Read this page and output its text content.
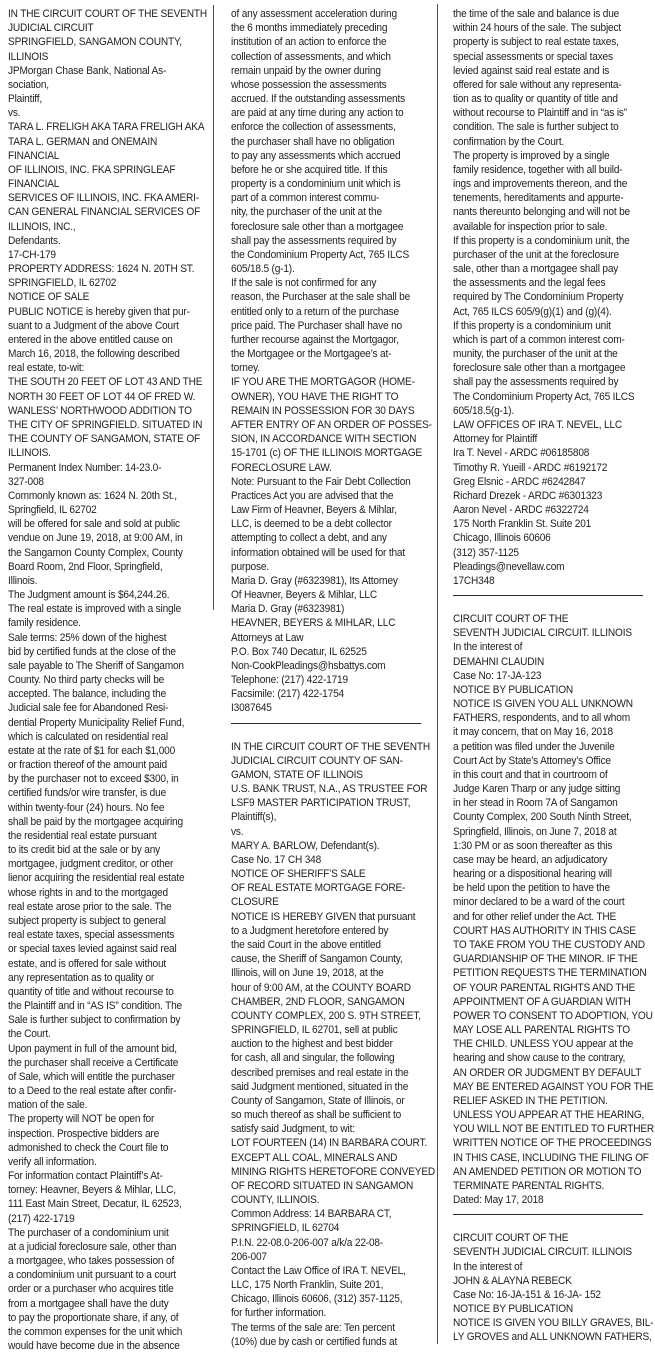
IN THE CIRCUIT COURT OF THE SEVENTH
JUDICIAL CIRCUIT
SPRINGFIELD, SANGAMON COUNTY,
ILLINOIS
JPMorgan Chase Bank, National As-
sociation,
Plaintiff,
vs.
TARA L. FRELIGH AKA TARA FRELIGH AKA
TARA L. GERMAN and ONEMAIN
FINANCIAL
OF ILLINOIS, INC. FKA SPRINGLEAF
FINANCIAL
SERVICES OF ILLINOIS, INC. FKA AMERI-
CAN GENERAL FINANCIAL SERVICES OF
ILLINOIS, INC.,
Defendants.
17-CH-179
PROPERTY ADDRESS: 1624 N. 20TH ST.
SPRINGFIELD, IL 62702
NOTICE OF SALE
PUBLIC NOTICE is hereby given that pur-
suant to a Judgment of the above Court
entered in the above entitled cause on
March 16, 2018, the following described
real estate, to-wit:
THE SOUTH 20 FEET OF LOT 43 AND THE
NORTH 30 FEET OF LOT 44 OF FRED W.
WANLESS’ NORTHWOOD ADDITION TO
THE CITY OF SPRINGFIELD. SITUATED IN
THE COUNTY OF SANGAMON, STATE OF
ILLINOIS.
Permanent Index Number: 14-23.0-
327-008
Commonly known as: 1624 N. 20th St.,
Springfield, IL 62702
will be offered for sale and sold at public
vendue on June 19, 2018, at 9:00 AM, in
the Sangamon County Complex, County
Board Room, 2nd Floor, Springfield,
Illinois.
The Judgment amount is $64,244.26.
The real estate is improved with a single
family residence.
Sale terms: 25% down of the highest
bid by certified funds at the close of the
sale payable to The Sheriff of Sangamon
County. No third party checks will be
accepted. The balance, including the
Judicial sale fee for Abandoned Resi-
dential Property Municipality Relief Fund,
which is calculated on residential real
estate at the rate of $1 for each $1,000
or fraction thereof of the amount paid
by the purchaser not to exceed $300, in
certified funds/or wire transfer, is due
within twenty-four (24) hours. No fee
shall be paid by the mortgagee acquiring
the residential real estate pursuant
to its credit bid at the sale or by any
mortgagee, judgment creditor, or other
lienor acquiring the residential real estate
whose rights in and to the mortgaged
real estate arose prior to the sale. The
subject property is subject to general
real estate taxes, special assessments
or special taxes levied against said real
estate, and is offered for sale without
any representation as to quality or
quantity of title and without recourse to
the Plaintiff and in “AS IS” condition. The
Sale is further subject to confirmation by
the Court.
Upon payment in full of the amount bid,
the purchaser shall receive a Certificate
of Sale, which will entitle the purchaser
to a Deed to the real estate after confir-
mation of the sale.
The property will NOT be open for
inspection. Prospective bidders are
admonished to check the Court file to
verify all information.
For information contact Plaintiff’s At-
torney: Heavner, Beyers & Mihlar, LLC,
111 East Main Street, Decatur, IL 62523,
(217) 422-1719
The purchaser of a condominium unit
at a judicial foreclosure sale, other than
a mortgagee, who takes possession of
a condominium unit pursuant to a court
order or a purchaser who acquires title
from a mortgagee shall have the duty
to pay the proportionate share, if any, of
the common expenses for the unit which
would have become due in the absence
of any assessment acceleration during
the 6 months immediately preceding
institution of an action to enforce the
collection of assessments, and which
remain unpaid by the owner during
whose possession the assessments
accrued. If the outstanding assessments
are paid at any time during any action to
enforce the collection of assessments,
the purchaser shall have no obligation
to pay any assessments which accrued
before he or she acquired title. If this
property is a condominium unit which is
part of a common interest commu-
nity, the purchaser of the unit at the
foreclosure sale other than a mortgagee
shall pay the assessments required by
the Condominium Property Act, 765 ILCS
605/18.5 (g-1).
If the sale is not confirmed for any
reason, the Purchaser at the sale shall be
entitled only to a return of the purchase
price paid. The Purchaser shall have no
further recourse against the Mortgagor,
the Mortgagee or the Mortgagee’s at-
torney.
IF YOU ARE THE MORTGAGOR (HOME-
OWNER), YOU HAVE THE RIGHT TO
REMAIN IN POSSESSION FOR 30 DAYS
AFTER ENTRY OF AN ORDER OF POSSES-
SION, IN ACCORDANCE WITH SECTION
15-1701 (c) OF THE ILLINOIS MORTGAGE
FORECLOSURE LAW.
Note: Pursuant to the Fair Debt Collection
Practices Act you are advised that the
Law Firm of Heavner, Beyers & Mihlar,
LLC, is deemed to be a debt collector
attempting to collect a debt, and any
information obtained will be used for that
purpose.
Maria D. Gray (#6323981), Its Attorney
Of Heavner, Beyers & Mihlar, LLC
Maria D. Gray (#6323981)
HEAVNER, BEYERS & MIHLAR, LLC
Attorneys at Law
P.O. Box 740 Decatur, IL 62525
Non-CookPleadings@hsbattys.com
Telephone: (217) 422-1719
Facsimile: (217) 422-1754
I3087645
IN THE CIRCUIT COURT OF THE SEVENTH
JUDICIAL CIRCUIT COUNTY OF SAN-
GAMON, STATE OF ILLINOIS
U.S. BANK TRUST, N.A., AS TRUSTEE FOR
LSF9 MASTER PARTICIPATION TRUST,
Plaintiff(s),
vs.
MARY A. BARLOW, Defendant(s).
Case No. 17 CH 348
NOTICE OF SHERIFF’S SALE
OF REAL ESTATE MORTGAGE FORE-
CLOSURE
NOTICE IS HEREBY GIVEN that pursuant
to a Judgment heretofore entered by
the said Court in the above entitled
cause, the Sheriff of Sangamon County,
Illinois, will on June 19, 2018, at the
hour of 9:00 AM, at the COUNTY BOARD
CHAMBER, 2ND FLOOR, SANGAMON
COUNTY COMPLEX, 200 S. 9TH STREET,
SPRINGFIELD, IL 62701, sell at public
auction to the highest and best bidder
for cash, all and singular, the following
described premises and real estate in the
said Judgment mentioned, situated in the
County of Sangamon, State of Illinois, or
so much thereof as shall be sufficient to
satisfy said Judgment, to wit:
LOT FOURTEEN (14) IN BARBARA COURT.
EXCEPT ALL COAL, MINERALS AND
MINING RIGHTS HERETOFORE CONVEYED
OF RECORD SITUATED IN SANGAMON
COUNTY, ILLINOIS.
Common Address: 14 BARBARA CT,
SPRINGFIELD, IL 62704
P.I.N. 22-08.0-206-007 a/k/a 22-08-
206-007
Contact the Law Office of IRA T. NEVEL,
LLC, 175 North Franklin, Suite 201,
Chicago, Illinois 60606, (312) 357-1125,
for further information.
The terms of the sale are: Ten percent
(10%) due by cash or certified funds at
the time of the sale and balance is due
within 24 hours of the sale. The subject
property is subject to real estate taxes,
special assessments or special taxes
levied against said real estate and is
offered for sale without any representa-
tion as to quality or quantity of title and
without recourse to Plaintiff and in “as is”
condition. The sale is further subject to
confirmation by the Court.
The property is improved by a single
family residence, together with all build-
ings and improvements thereon, and the
tenements, hereditaments and appurte-
nants thereunto belonging and will not be
available for inspection prior to sale.
If this property is a condominium unit, the
purchaser of the unit at the foreclosure
sale, other than a mortgagee shall pay
the assessments and the legal fees
required by The Condominium Property
Act, 765 ILCS 605/9(g)(1) and (g)(4).
If this property is a condominium unit
which is part of a common interest com-
munity, the purchaser of the unit at the
foreclosure sale other than a mortgagee
shall pay the assessments required by
The Condominium Property Act, 765 ILCS
605/18.5(g-1).
LAW OFFICES OF IRA T. NEVEL, LLC
Attorney for Plaintiff
Ira T. Nevel - ARDC #06185808
Timothy R. Yueill - ARDC #6192172
Greg Elsnic - ARDC #6242847
Richard Drezek - ARDC #6301323
Aaron Nevel - ARDC #6322724
175 North Franklin St. Suite 201
Chicago, Illinois 60606
(312) 357-1125
Pleadings@nevellaw.com
17CH348
CIRCUIT COURT OF THE
SEVENTH JUDICIAL CIRCUIT. ILLINOIS
In the interest of
DEMAHNI CLAUDIN
Case No: 17-JA-123
NOTICE BY PUBLICATION
NOTICE IS GIVEN YOU ALL UNKNOWN
FATHERS, respondents, and to all whom
it may concern, that on May 16, 2018
a petition was filed under the Juvenile
Court Act by State’s Attorney’s Office
in this court and that in courtroom of
Judge Karen Tharp or any judge sitting
in her stead in Room 7A of Sangamon
County Complex, 200 South Ninth Street,
Springfield, Illinois, on June 7, 2018 at
1:30 PM or as soon thereafter as this
case may be heard, an adjudicatory
hearing or a dispositional hearing will
be held upon the petition to have the
minor declared to be a ward of the court
and for other relief under the Act. THE
COURT HAS AUTHORITY IN THIS CASE
TO TAKE FROM YOU THE CUSTODY AND
GUARDIANSHIP OF THE MINOR. IF THE
PETITION REQUESTS THE TERMINATION
OF YOUR PARENTAL RIGHTS AND THE
APPOINTMENT OF A GUARDIAN WITH
POWER TO CONSENT TO ADOPTION, YOU
MAY LOSE ALL PARENTAL RIGHTS TO
THE CHILD. UNLESS YOU appear at the
hearing and show cause to the contrary,
AN ORDER OR JUDGMENT BY DEFAULT
MAY BE ENTERED AGAINST YOU FOR THE
RELIEF ASKED IN THE PETITION.
UNLESS YOU APPEAR AT THE HEARING,
YOU WILL NOT BE ENTITLED TO FURTHER
WRITTEN NOTICE OF THE PROCEEDINGS
IN THIS CASE, INCLUDING THE FILING OF
AN AMENDED PETITION OR MOTION TO
TERMINATE PARENTAL RIGHTS.
Dated: May 17, 2018
CIRCUIT COURT OF THE
SEVENTH JUDICIAL CIRCUIT. ILLINOIS
In the interest of
JOHN & ALAYNA REBECK
Case No: 16-JA-151 & 16-JA- 152
NOTICE BY PUBLICATION
NOTICE IS GIVEN YOU BILLY GRAVES, BIL-
LY GROVES and ALL UNKNOWN FATHERS,
